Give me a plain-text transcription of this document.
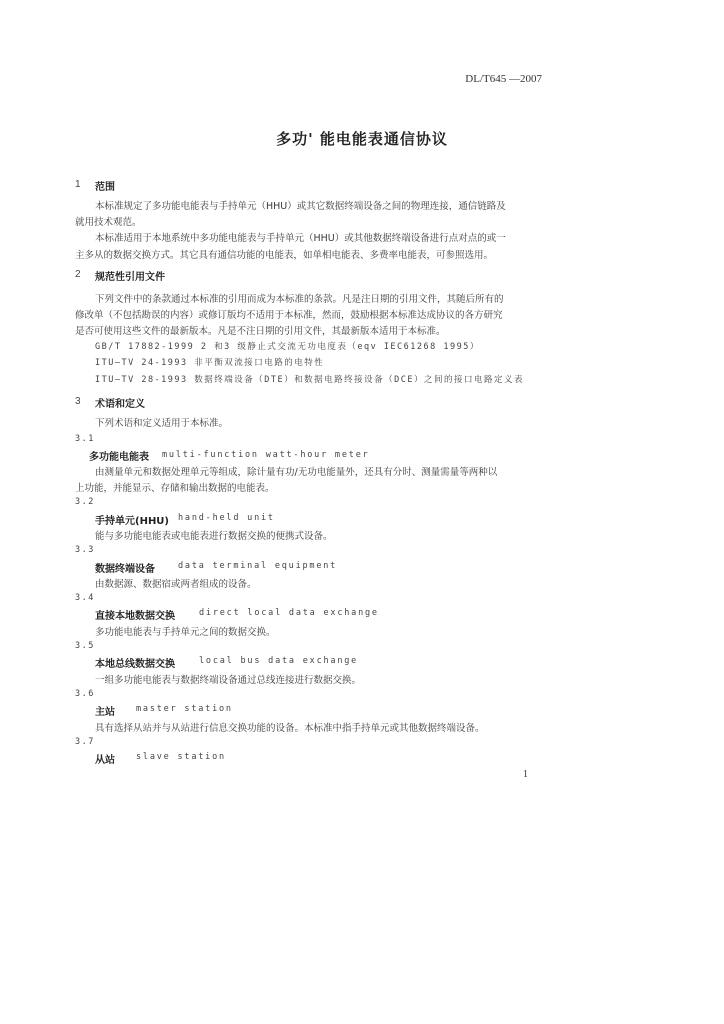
DL/T645 —2007
多功' 能电能表通信协议
1 范围
本标准规定了多功能电能表与手持单元（HHU）或其它数据终端设备之间的物理连接，通信链路及
就用技术观范。
本标准适用于本地系统中多功能电能表与手持单元（HHU）或其他数据终端设备进行点对点的或一
主多从的数据交换方式。其它具有通信功能的电能表，如单相电能表、多费率电能表，可参照选用。
2 规范性引用文件
下列文件中的条款通过本标准的引用而成为本标准的条款。凡是注日期的引用文件，其随后所有的
修改单（不包括勘误的内容）或修订版均不适用于本标准，然而，鼓励根据本标准达成协议的各方研究
是否可使用这些文件的最新版本。凡是不注日期的引用文件，其最新版本适用于本标准。
GB/T 17882-1999 2 和3 级静止式交流无功电度表（eqv IEC61268 1995）
ITU—TV 24-1993 非平衡双流接口电路的电特性
ITU—TV 28-1993 数据终端设备（DTE）和数据电路终接设备（DCE）之间的接口电路定义表
3 术语和定义
下列术语和定义适用于本标准。
3.1
多功能电能表 multi-function watt-hour meter
由测量单元和数据处理单元等组成，除计量有功/无功电能量外，还具有分时、测量需量等两种以
上功能，并能显示、存储和输出数据的电能表。
3.2
手持单元(HHU) hand-held unit
能与多功能电能表或电能表进行数据交换的便携式设备。
3.3
数据终端设备	data terminal equipment
由数据源、数据宿或两者组成的设备。
3.4
直接本地数据交换	direct local data exchange
多功能电能表与手持单元之间的数据交换。
3.5
本地总线数据交换	local bus data exchange
一组多功能电能表与数据终端设备通过总线连接进行数据交换。
3.6
主站 master station
具有选择从站并与从站进行信息交换功能的设备。本标准中指手持单元或其他数据终端设备。
3.7
从站 slave station
1
